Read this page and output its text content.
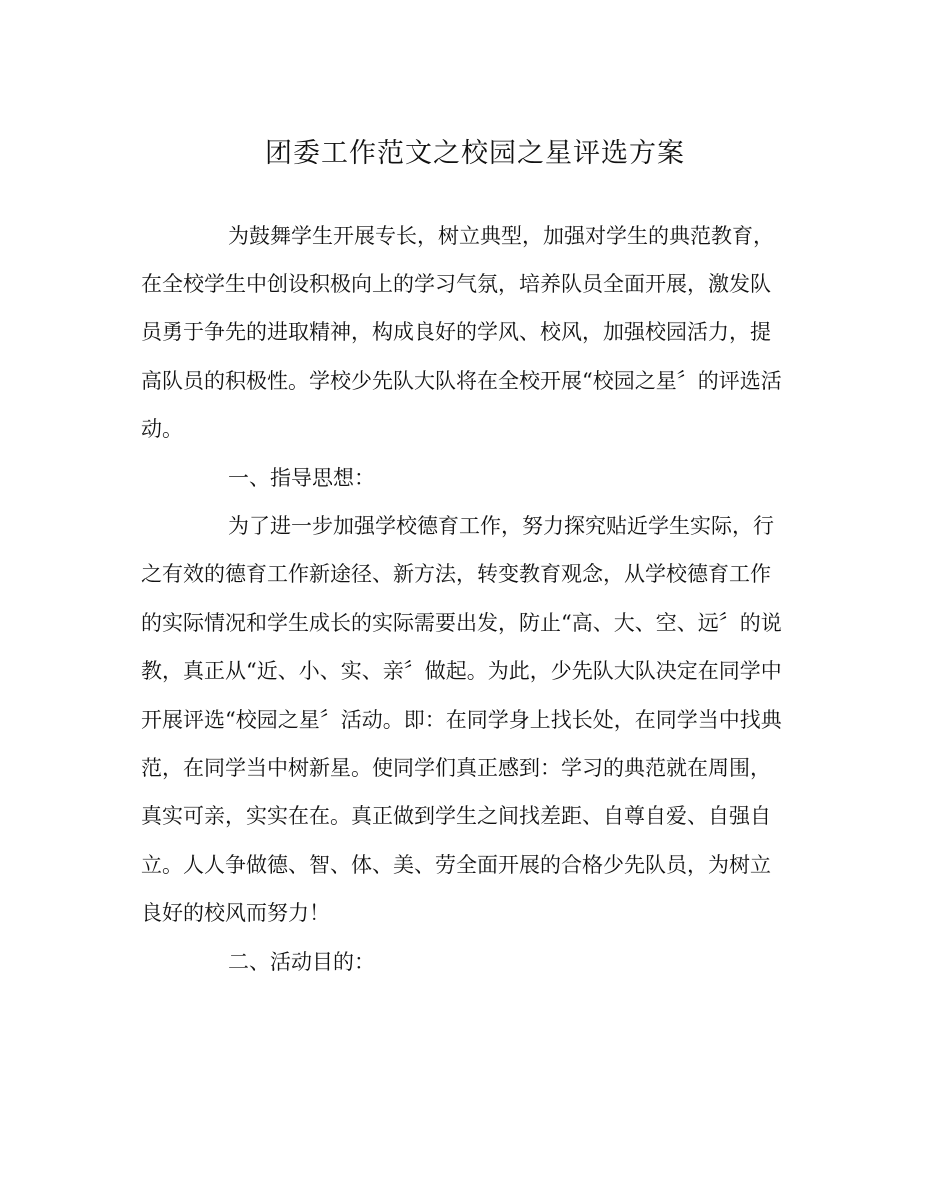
团委工作范文之校园之星评选方案
为鼓舞学生开展专长，树立典型，加强对学生的典范教育，
在全校学生中创设积极向上的学习气氛，培养队员全面开展，激发队
员勇于争先的进取精神，构成良好的学风、校风，加强校园活力，提
高队员的积极性。学校少先队大队将在全校开展“校园之星〞的评选活
动。
一、指导思想：
为了进一步加强学校德育工作，努力探究贴近学生实际，行
之有效的德育工作新途径、新方法，转变教育观念，从学校德育工作
的实际情况和学生成长的实际需要出发，防止“高、大、空、远〞的说
教，真正从“近、小、实、亲〞做起。为此，少先队大队决定在同学中
开展评选“校园之星〞活动。即：在同学身上找长处，在同学当中找典
范，在同学当中树新星。使同学们真正感到：学习的典范就在周围，
真实可亲，实实在在。真正做到学生之间找差距、自尊自爱、自强自
立。人人争做德、智、体、美、劳全面开展的合格少先队员，为树立
良好的校风而努力！
二、活动目的：
